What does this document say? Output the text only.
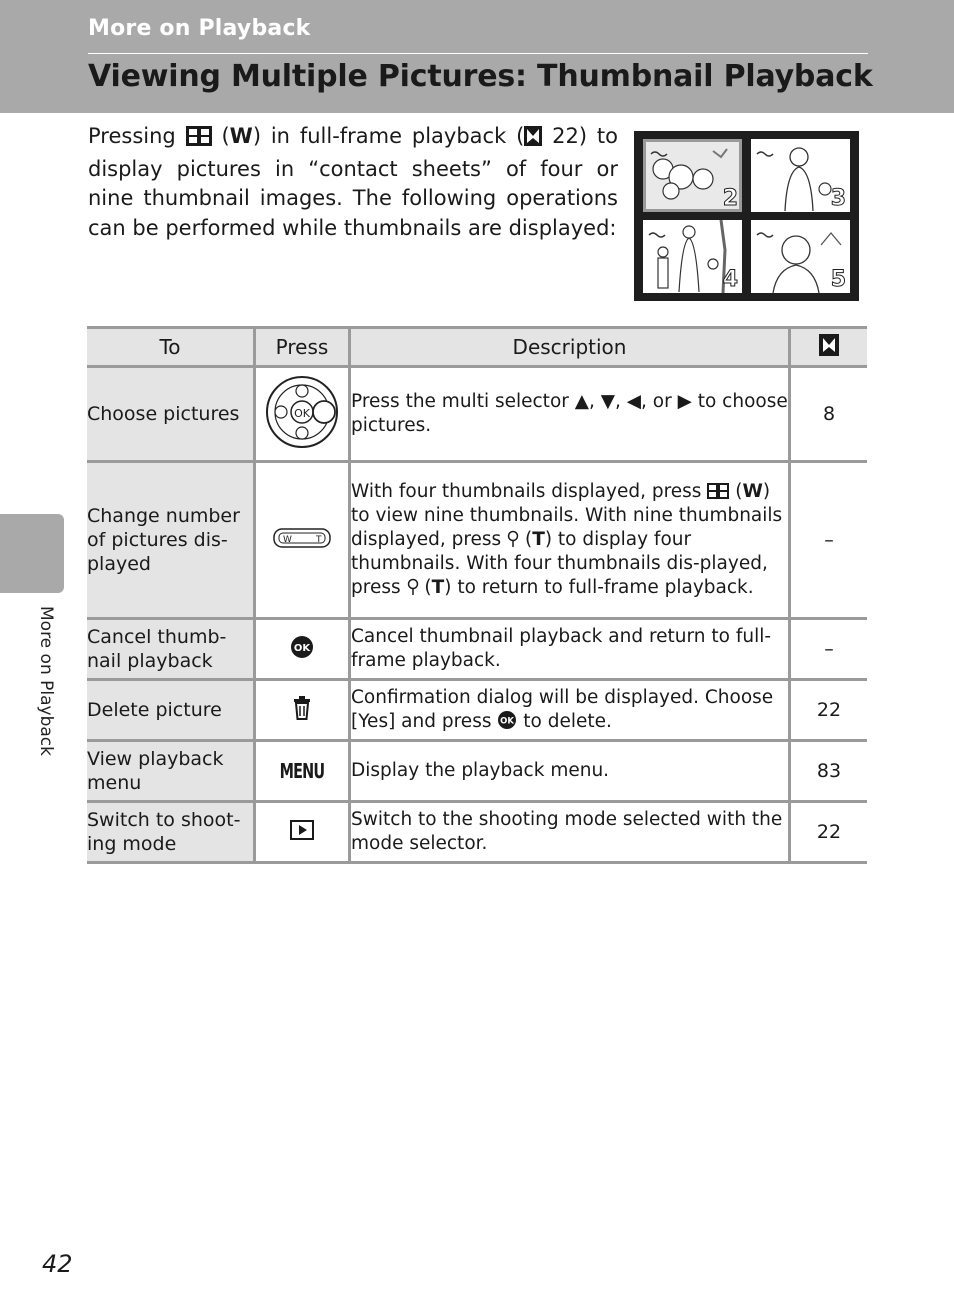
More on Playback
Viewing Multiple Pictures: Thumbnail Playback
More on Playback
Pressing (W) in full-frame playback ( 22) to display pictures in “contact sheets” of four or nine thumbnail images. The following operations can be performed while thumbnails are displayed:
2	3
4	5
To	Press	Description	
Choose pictures	OK	Press the multi selector ▲, ▼, ◀, or ▶ to choose pictures.	8
Change number of pictures dis-played	W T	With four thumbnails displayed, press (W) to view nine thumbnails. With nine thumbnails displayed, press (T) to display four thumbnails. With four thumbnails dis-played, press (T) to return to full-frame playback.	–
Cancel thumb-nail playback	OK	Cancel thumbnail playback and return to full-frame playback.	–
Delete picture		Confirmation dialog will be displayed. Choose [Yes] and press OK to delete.	22
View playback menu	MENU	Display the playback menu.	83
Switch to shoot-ing mode		Switch to the shooting mode selected with the mode selector.	22
42
